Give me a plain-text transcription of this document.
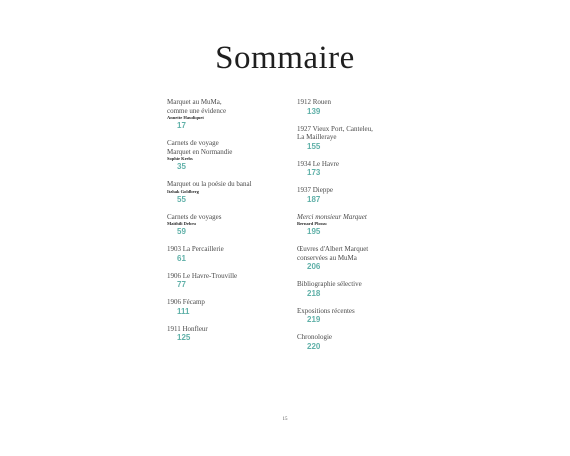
Sommaire
Marquet au MuMa,
comme une évidence
Annette Haudiquet
17
Carnets de voyage
Marquet en Normandie
Sophie Krebs
35
Marquet ou la poésie du banal
Itzhak Goldberg
55
Carnets de voyages
Maïthili Debru
59
1903 La Percaillerie
61
1906 Le Havre-Trouville
77
1906 Fécamp
111
1911 Honfleur
125
1912 Rouen
139
1927 Vieux Port, Canteleu,
La Mailleraye
155
1934 Le Havre
173
1937 Dieppe
187
Merci monsieur Marquet
Bernard Plossu
195
Œuvres d'Albert Marquet
conservées au MuMa
206
Bibliographie sélective
218
Expositions récentes
219
Chronologie
220
15
